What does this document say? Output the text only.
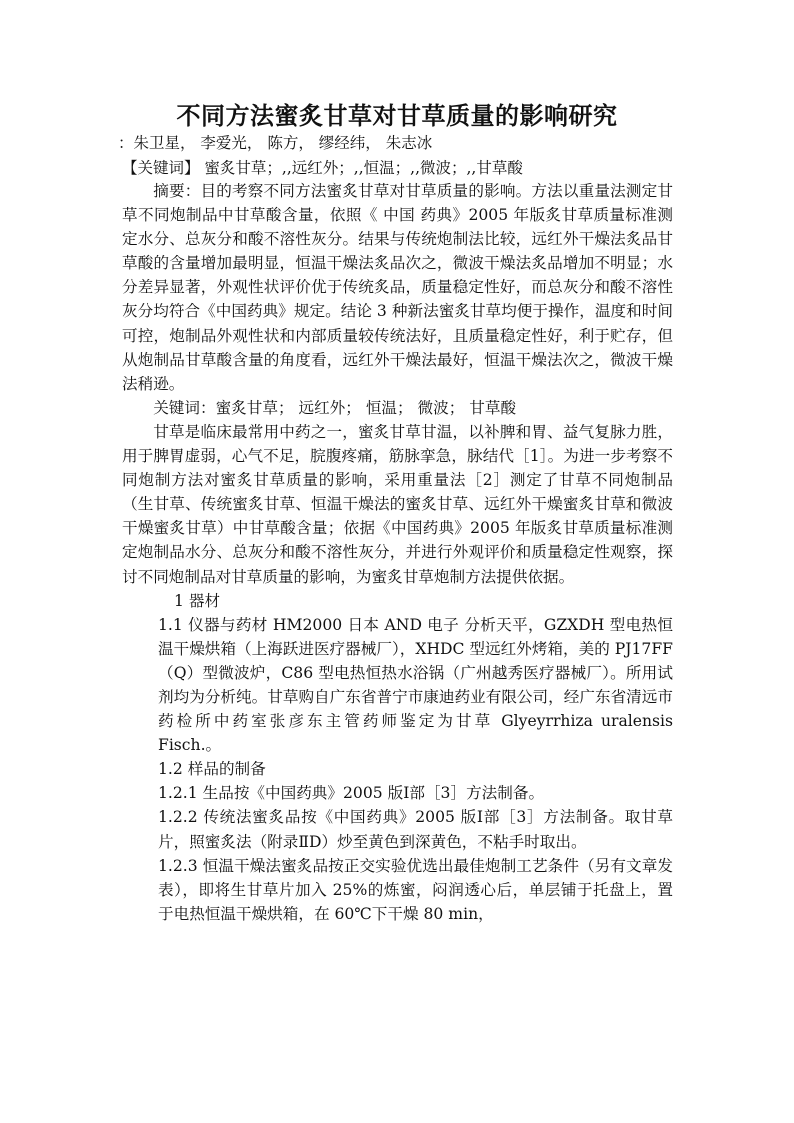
不同方法蜜炙甘草对甘草质量的影响研究
：朱卫星， 李爱光， 陈方， 缪经纬， 朱志冰
【关键词】 蜜炙甘草；,,远红外；,,恒温；,,微波；,,甘草酸

摘要：目的考察不同方法蜜炙甘草对甘草质量的影响。方法以重量法测定甘草不同炮制品中甘草酸含量，依照《 中国 药典》2005 年版炙甘草质量标准测定水分、总灰分和酸不溶性灰分。结果与传统炮制法比较，远红外干燥法炙品甘草酸的含量增加最明显，恒温干燥法炙品次之，微波干燥法炙品增加不明显；水分差异显著，外观性状评价优于传统炙品，质量稳定性好，而总灰分和酸不溶性灰分均符合《中国药典》规定。结论 3 种新法蜜炙甘草均便于操作，温度和时间可控，炮制品外观性状和内部质量较传统法好，且质量稳定性好，利于贮存，但从炮制品甘草酸含量的角度看，远红外干燥法最好，恒温干燥法次之，微波干燥法稍逊。

关键词：蜜炙甘草； 远红外； 恒温； 微波； 甘草酸

甘草是临床最常用中药之一，蜜炙甘草甘温，以补脾和胃、益气复脉力胜，用于脾胃虚弱，心气不足，脘腹疼痛，筋脉挛急，脉结代［1］。为进一步考察不同炮制方法对蜜炙甘草质量的影响，采用重量法［2］测定了甘草不同炮制品（生甘草、传统蜜炙甘草、恒温干燥法的蜜炙甘草、远红外干燥蜜炙甘草和微波干燥蜜炙甘草）中甘草酸含量；依据《中国药典》2005 年版炙甘草质量标准测定炮制品水分、总灰分和酸不溶性灰分，并进行外观评价和质量稳定性观察，探讨不同炮制品对甘草质量的影响，为蜜炙甘草炮制方法提供依据。

1 器材

1.1 仪器与药材 HM2000 日本 AND 电子 分析天平，GZXDH 型电热恒温干燥烘箱（上海跃进医疗器械厂），XHDC 型远红外烤箱，美的 PJ17FF（Q）型微波炉，C86 型电热恒热水浴锅（广州越秀医疗器械厂）。所用试剂均为分析纯。甘草购自广东省普宁市康迪药业有限公司，经广东省清远市药检所中药室张彦东主管药师鉴定为甘草 Glyeyrrhiza uralensis Fisch.。

1.2 样品的制备

1.2.1 生品按《中国药典》2005 版Ⅰ部［3］方法制备。

1.2.2 传统法蜜炙品按《中国药典》2005 版Ⅰ部［3］方法制备。取甘草片，照蜜炙法（附录ⅡD）炒至黄色到深黄色，不粘手时取出。

1.2.3 恒温干燥法蜜炙品按正交实验优选出最佳炮制工艺条件（另有文章发表），即将生甘草片加入 25%的炼蜜，闷润透心后，单层铺于托盘上，置于电热恒温干燥烘箱，在 60℃下干燥 80 min，
